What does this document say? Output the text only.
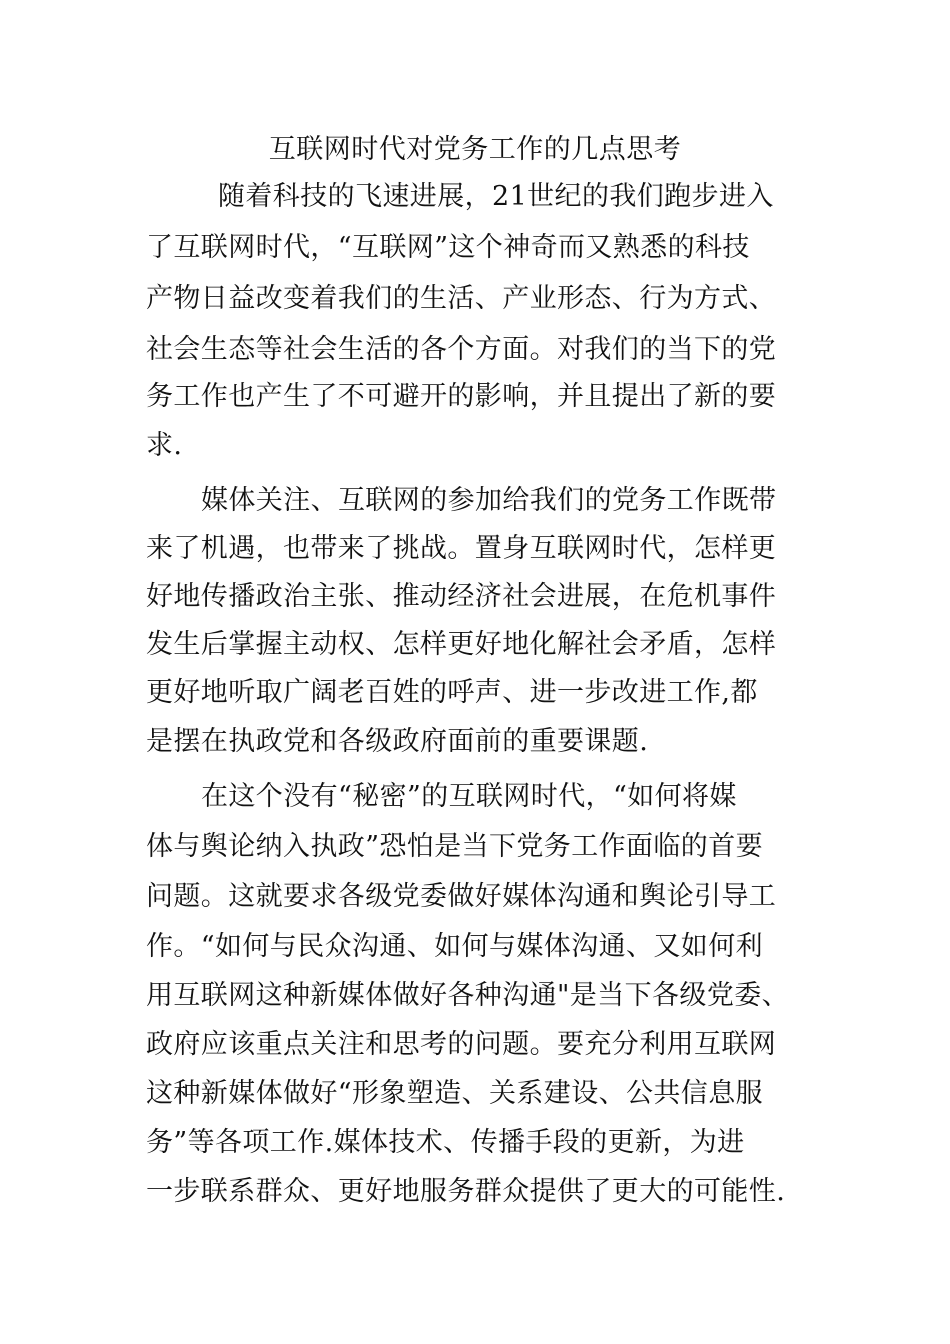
互联网时代对党务工作的几点思考
随着科技的飞速进展，21世纪的我们跑步进入
了互联网时代，“互联网”这个神奇而又熟悉的科技
产物日益改变着我们的生活、产业形态、行为方式、
社会生态等社会生活的各个方面。对我们的当下的党
务工作也产生了不可避开的影响，并且提出了新的要
求.
媒体关注、互联网的参加给我们的党务工作既带
来了机遇，也带来了挑战。置身互联网时代，怎样更
好地传播政治主张、推动经济社会进展，在危机事件
发生后掌握主动权、怎样更好地化解社会矛盾，怎样
更好地听取广阔老百姓的呼声、进一步改进工作,都
是摆在执政党和各级政府面前的重要课题.
在这个没有“秘密”的互联网时代，“如何将媒
体与舆论纳入执政”恐怕是当下党务工作面临的首要
问题。这就要求各级党委做好媒体沟通和舆论引导工
作。“如何与民众沟通、如何与媒体沟通、又如何利
用互联网这种新媒体做好各种沟通"是当下各级党委、
政府应该重点关注和思考的问题。要充分利用互联网
这种新媒体做好“形象塑造、关系建设、公共信息服
务”等各项工作.媒体技术、传播手段的更新，为进
一步联系群众、更好地服务群众提供了更大的可能性.
